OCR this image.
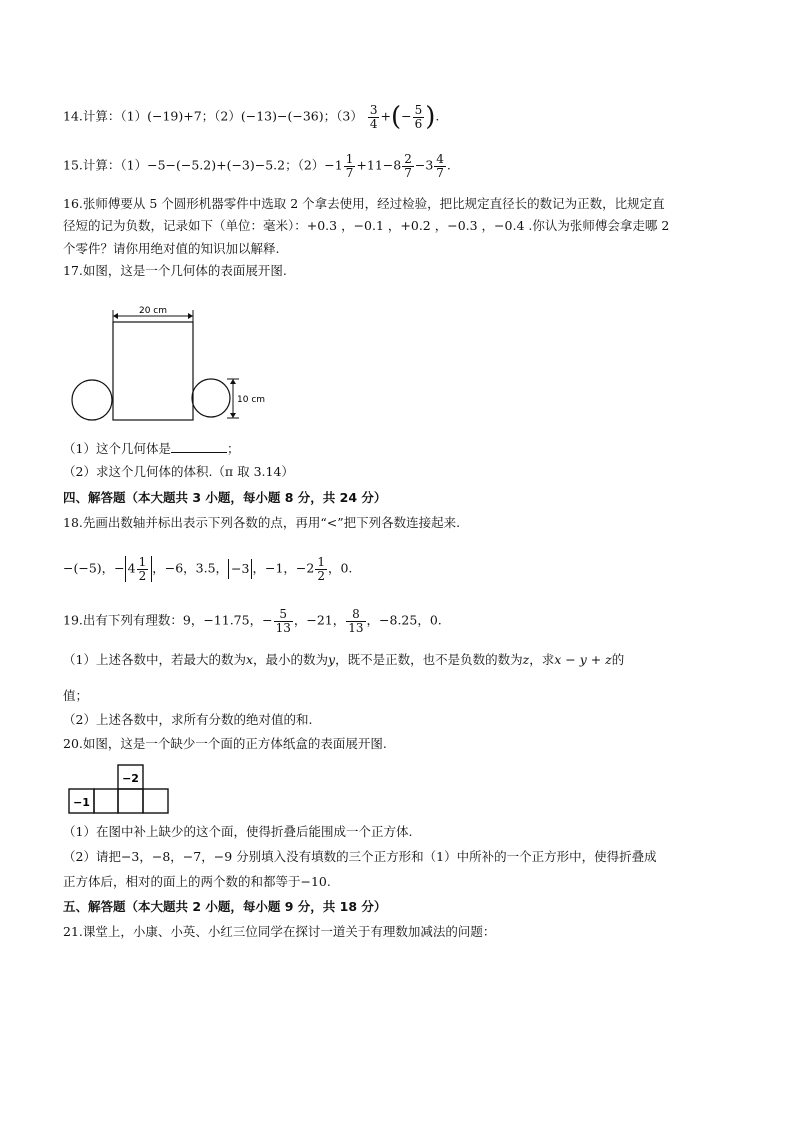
14.计算：（1）(−19)+7；（2）(−13)−(−36)；$(3) \frac{3}{4}$ +(− $\frac{5}{6}$ ).
15.计算：（1）−5−(−5.2)+(−3)−5.2；$(2)-1 \frac{1}{7} +11-8 \frac{2}{7} -3 \frac{4}{7}$ .
16.张师傅要从 5 个圆形机器零件中选取 2 个拿去使用，经过检验，把比规定直径长的数记为正数，比规定直
径短的记为负数，记录如下（单位：毫米）：+0.3 ，−0.1 ，+0.2 ，−0.3 ，−0.4 .你认为张师傅会拿走哪 2
个零件？请你用绝对值的知识加以解释.
17.如图，这是一个几何体的表面展开图.
20 cm
10 cm
（1）这个几何体是	；
（2）求这个几何体的体积.（π 取 3.14）
四、解答题（本大题共 3 小题，每小题 8 分，共 24 分）
18.先画出数轴并标出表示下列各数的点，再用“<”把下列各数连接起来.
−(−5)，− $4 \frac{1}{2}$ ，−6，3.5， −3 ，−1，$-2 \frac{1}{2}$ ，0.
19.出有下列有理数：9，−11.75，− $\frac{5}{13}$ ，−21， $\frac{8}{13}$ ，−8.25，0.
（1）上述各数中，若最大的数为x，最小的数为y，既不是正数，也不是负数的数为z，求x − y + z的
值；
（2）上述各数中，求所有分数的绝对值的和.
20.如图，这是一个缺少一个面的正方体纸盒的表面展开图.
−2
−1
（1）在图中补上缺少的这个面，使得折叠后能围成一个正方体.
（2）请把−3，−8，−7，−9 分别填入没有填数的三个正方形和（1）中所补的一个正方形中，使得折叠成
正方体后，相对的面上的两个数的和都等于−10.
五、解答题（本大题共 2 小题，每小题 9 分，共 18 分）
21.课堂上，小康、小英、小红三位同学在探讨一道关于有理数加减法的问题：
